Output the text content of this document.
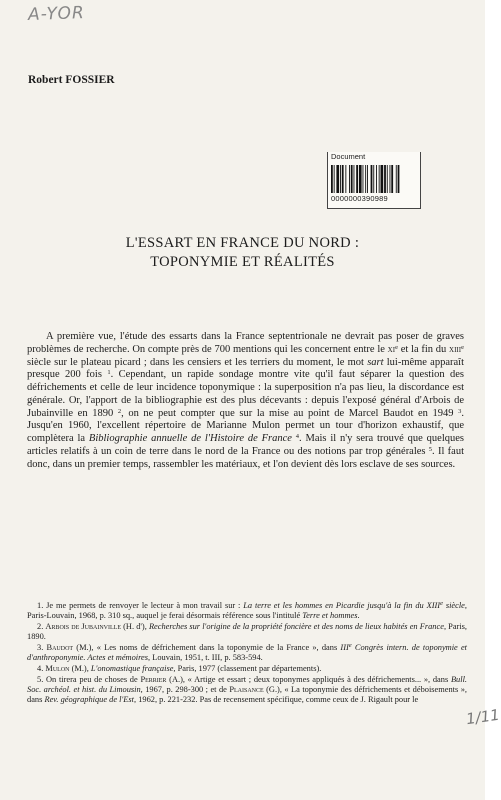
A-YOR
Robert FOSSIER
Document
0000000390989
L'ESSART EN FRANCE DU NORD :
TOPONYMIE ET RÉALITÉS

A première vue, l'étude des essarts dans la France septentrionale ne devrait pas poser de graves problèmes de recherche. On compte près de 700 mentions qui les concernent entre le $xi^e$ et la fin du xiii$^e$ siècle sur le plateau picard ; dans les censiers et les terriers du moment, le mot sart lui-même apparaît presque 200 fois $^1$. Cependant, un rapide sondage montre vite qu'il faut séparer la question des défrichements et celle de leur incidence toponymique : la superposition n'a pas lieu, la discordance est générale. Or, l'apport de la bibliographie est des plus décevants : depuis l'exposé général d'Arbois de Jubainville en 1890 $^2$, on ne peut compter que sur la mise au point de Marcel Baudot en 1949 $^3$. Jusqu'en 1960, l'excellent répertoire de Marianne Mulon permet un tour d'horizon exhaustif, que complètera la Bibliographie annuelle de l'Histoire de France $^4$. Mais il n'y sera trouvé que quelques articles relatifs à un coin de terre dans le nord de la France ou des notions par trop générales $^5$. Il faut donc, dans un premier temps, rassembler les matériaux, et l'on devient dès lors esclave de ses sources.

1. Je me permets de renvoyer le lecteur à mon travail sur : La terre et les hommes en Picardie jusqu'à la fin du XIIIe siècle, Paris-Louvain, 1968, p. 310 sq., auquel je ferai désormais référence sous l'intitulé Terre et hommes.

2. Arbois de Jubainville (H. d'), Recherches sur l'origine de la propriété foncière et des noms de lieux habités en France, Paris, 1890.

3. Baudot (M.), « Les noms de défrichement dans la toponymie de la France », dans IIIe Congrès intern. de toponymie et d'anthroponymie. Actes et mémoires, Louvain, 1951, t. III, p. 583-594.

4. Mulon (M.), L'onomastique française, Paris, 1977 (classement par départements).

5. On tirera peu de choses de Perrier (A.), « Artige et essart ; deux toponymes appliqués à des défrichements... », dans Bull. Soc. archéol. et hist. du Limousin, 1967, p. 298-300 ; et de Plaisance (G.), « La toponymie des défrichements et déboisements », dans Rev. géographique de l'Est, 1962, p. 221-232. Pas de recensement spécifique, comme ceux de J. Rigault pour le

1/11
